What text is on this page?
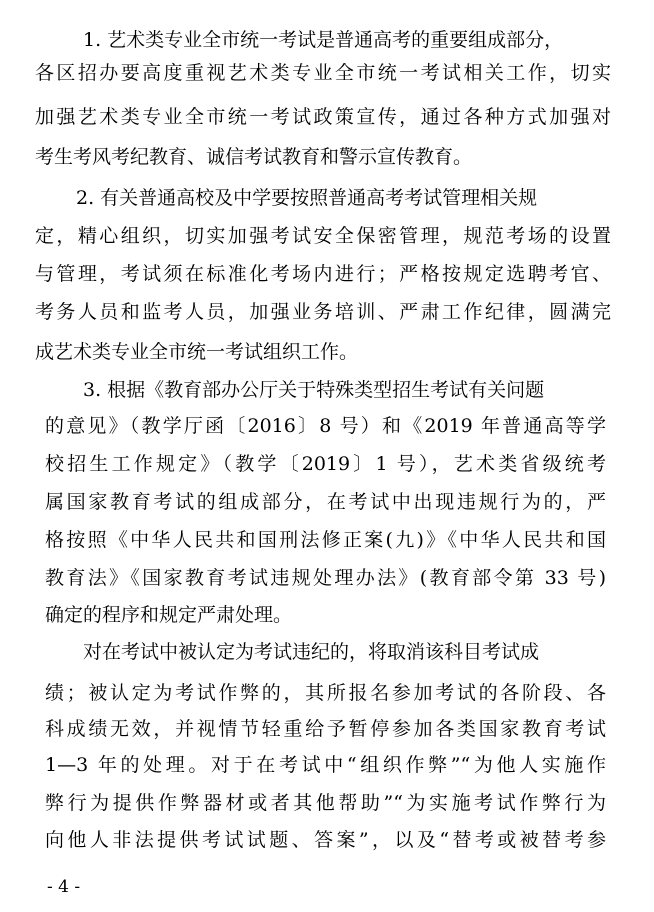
1. 艺术类专业全市统一考试是普通高考的重要组成部分，
各区招办要高度重视艺术类专业全市统一考试相关工作，切实
加强艺术类专业全市统一考试政策宣传，通过各种方式加强对
考生考风考纪教育、诚信考试教育和警示宣传教育。
2. 有关普通高校及中学要按照普通高考考试管理相关规
定，精心组织，切实加强考试安全保密管理，规范考场的设置
与管理，考试须在标准化考场内进行；严格按规定选聘考官、
考务人员和监考人员，加强业务培训、严肃工作纪律，圆满完
成艺术类专业全市统一考试组织工作。
3. 根据《教育部办公厅关于特殊类型招生考试有关问题
的意见》（教学厅函〔2016〕8 号）和《2019 年普通高等学
校招生工作规定》（教学〔2019〕1 号），艺术类省级统考
属国家教育考试的组成部分，在考试中出现违规行为的，严
格按照《中华人民共和国刑法修正案(九)》《中华人民共和国
教育法》《国家教育考试违规处理办法》(教育部令第 33 号)
确定的程序和规定严肃处理。
对在考试中被认定为考试违纪的，将取消该科目考试成
绩；被认定为考试作弊的，其所报名参加考试的各阶段、各
科成绩无效，并视情节轻重给予暂停参加各类国家教育考试
1—3 年的处理。对于在考试中“组织作弊”“为他人实施作
弊行为提供作弊器材或者其他帮助”“为实施考试作弊行为
向他人非法提供考试试题、答案”，以及“替考或被替考参
- 4 -
